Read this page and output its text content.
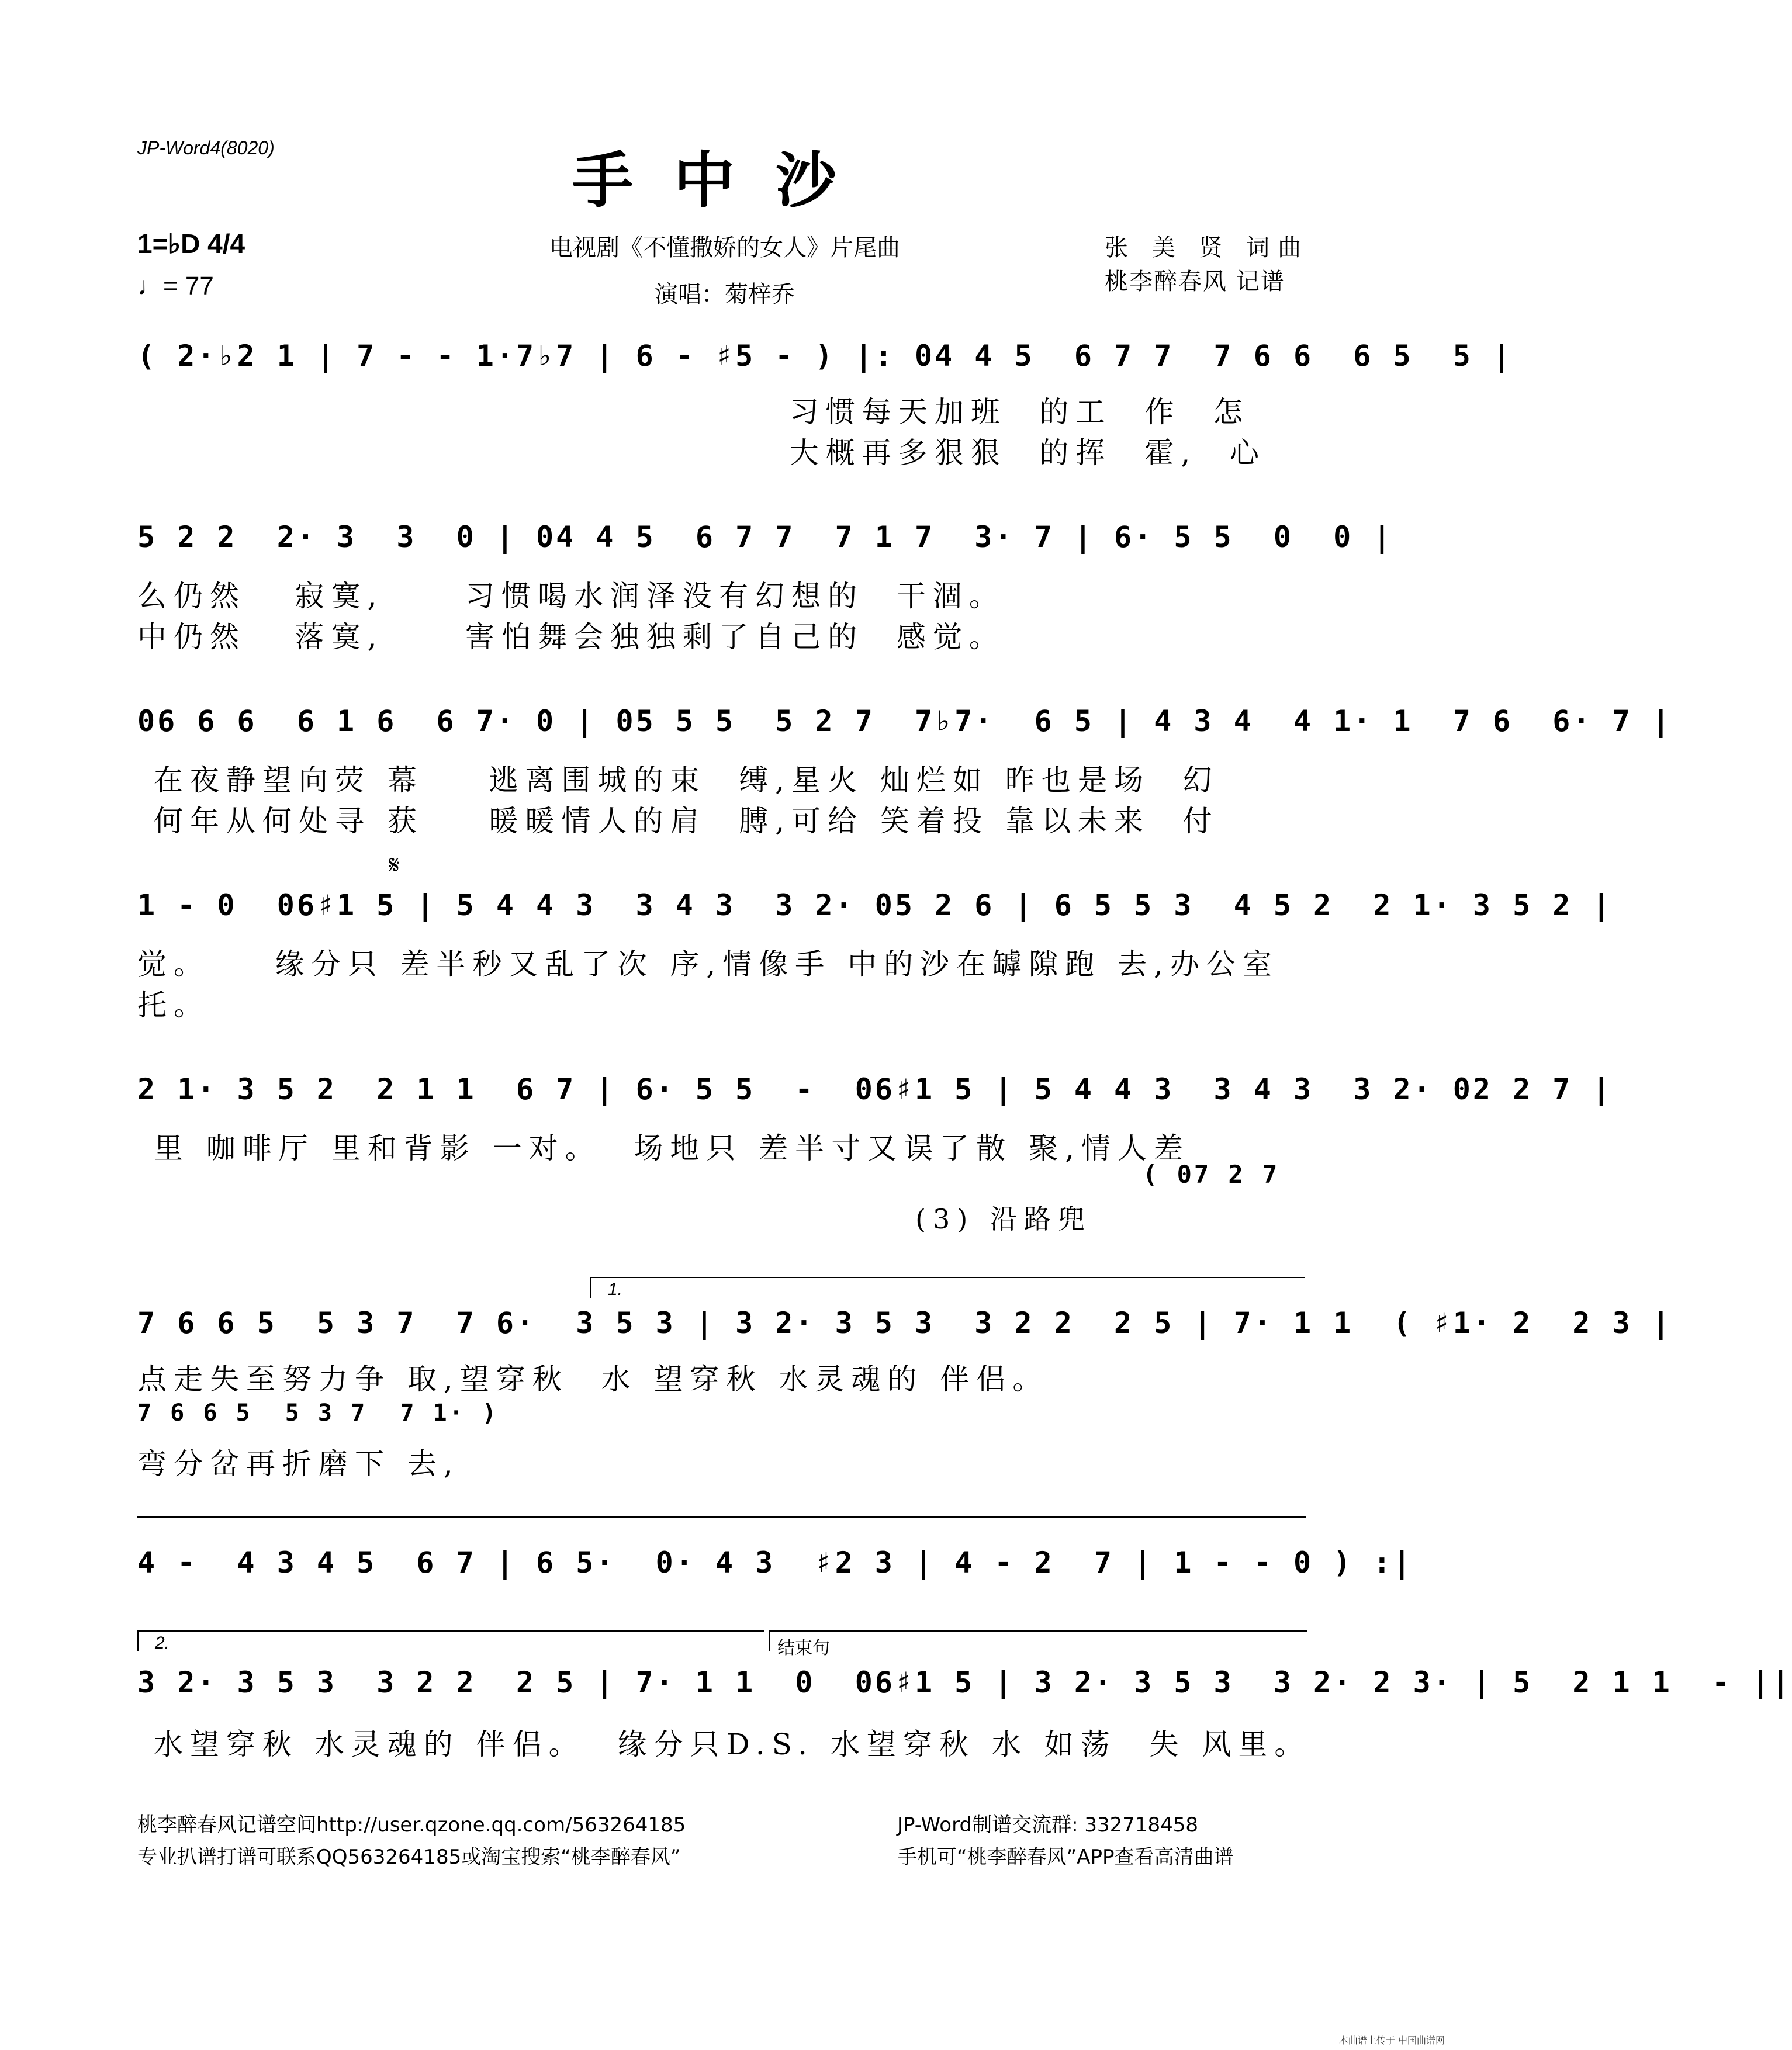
JP-Word4(8020)	手中沙
1=♭D 4/4
♩= 77
电视剧《不懂撒娇的女人》片尾曲
演唱：菊梓乔
张 美 贤 词曲
桃李醉春风 记谱
( 2·♭2 1 | 7 - - 1·7♭7 | 6 - ♯5 - ) |: 04 4 5  6 7 7  7 6 6  6 5  5 |
习惯每天加班  的工  作  怎
大概再多狠狠  的挥  霍,  心
5 2 2  2· 3  3  0 | 04 4 5  6 7 7  7 1 7  3· 7 | 6· 5 5  0  0 |
么仍然   寂寞,     习惯喝水润泽没有幻想的  干涸。
中仍然   落寞,     害怕舞会独独剩了自己的  感觉。
06 6 6  6 1 6  6 7· 0 | 05 5 5  5 2 7  7♭7·  6 5 | 4 3 4  4 1· 1  7 6  6· 7 |
在夜静望向荧 幕    逃离围城的束  缚,星火 灿烂如 昨也是场  幻
何年从何处寻 获    暖暖情人的肩  膊,可给 笑着投 靠以未来  付
𝄋
1 - 0  06♯1 5 | 5 4 4 3  3 4 3  3 2· 05 2 6 | 6 5 5 3  4 5 2  2 1· 3 5 2 |
觉。    缘分只 差半秒又乱了次 序,情像手 中的沙在罅隙跑 去,办公室
托。
2 1· 3 5 2  2 1 1  6 7 | 6· 5 5  -  06♯1 5 | 5 4 4 3  3 4 3  3 2· 02 2 7 |
里 咖啡厅 里和背影 一对。  场地只 差半寸又误了散 聚,情人差
( 07 2 7
(3) 沿路兜
1.
7 6 6 5  5 3 7  7 6·  3 5 3 | 3 2· 3 5 3  3 2 2  2 5 | 7· 1 1  ( ♯1· 2  2 3 |
点走失至努力争 取,望穿秋  水 望穿秋 水灵魂的 伴侣。
7 6 6 5  5 3 7  7 1· )
弯分岔再折磨下 去,
4 -  4 3 4 5  6 7 | 6 5·  0· 4 3  ♯2 3 | 4 - 2  7 | 1 - - 0 ) :|
2.	结束句
3 2· 3 5 3  3 2 2  2 5 | 7· 1 1  0  06♯1 5 | 3 2· 3 5 3  3 2· 2 3· | 5  2 1 1  - ||
水望穿秋 水灵魂的 伴侣。  缘分只D.S. 水望穿秋 水 如荡  失 风里。
桃李醉春风记谱空间http://user.qzone.qq.com/563264185
专业扒谱打谱可联系QQ563264185或淘宝搜索“桃李醉春风”
JP-Word制谱交流群: 332718458
手机可“桃李醉春风”APP查看高清曲谱
本曲谱上传于 中国曲谱网
